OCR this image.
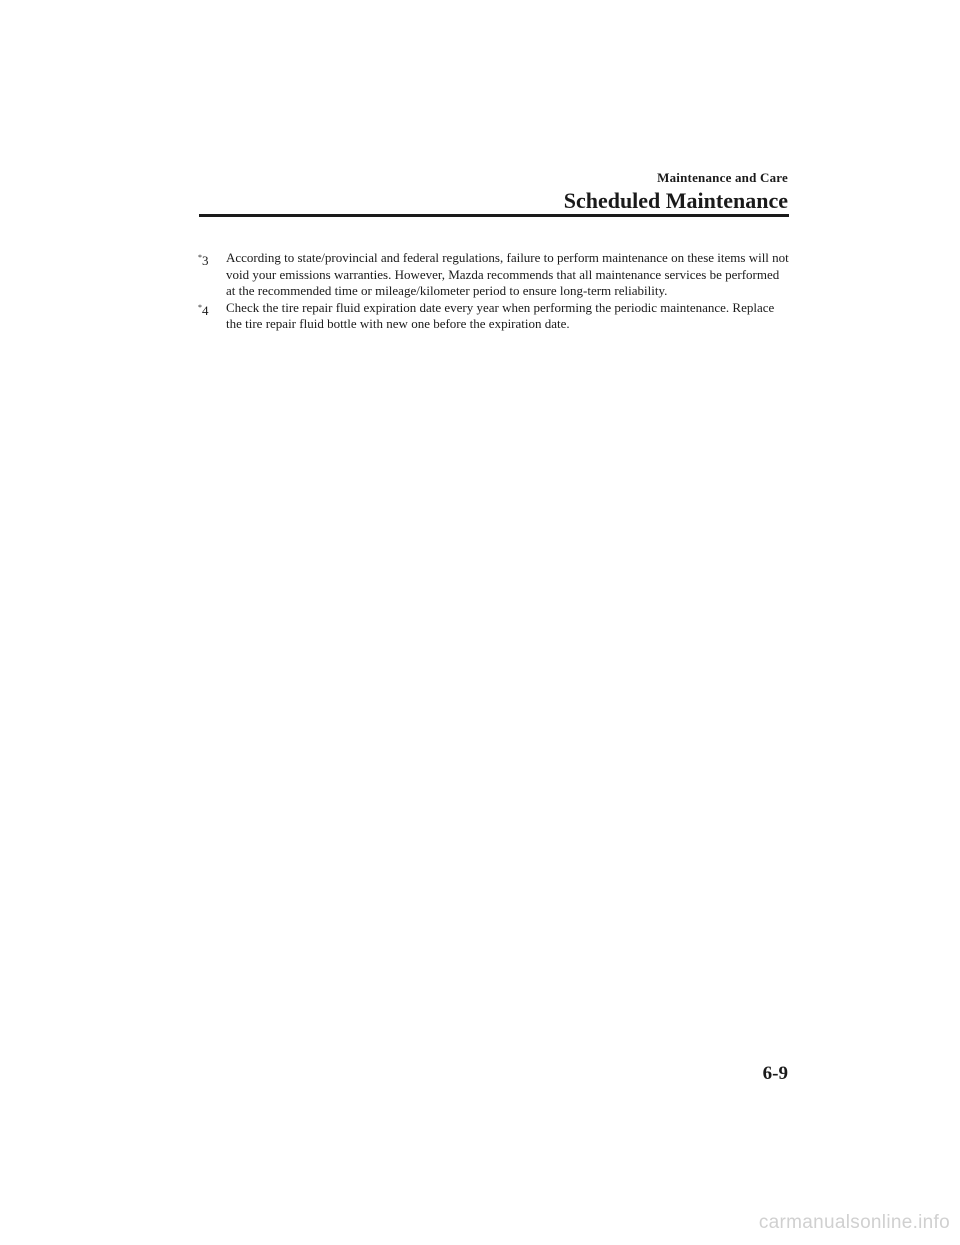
Maintenance and Care
Scheduled Maintenance

*3	According to state/provincial and federal regulations, failure to perform maintenance on these items will not void your emissions warranties. However, Mazda recommends that all maintenance services be performed at the recommended time or mileage/kilometer period to ensure long-term reliability.

*4	Check the tire repair fluid expiration date every year when performing the periodic maintenance. Replace the tire repair fluid bottle with new one before the expiration date.

6-9
carmanualsonline.info
